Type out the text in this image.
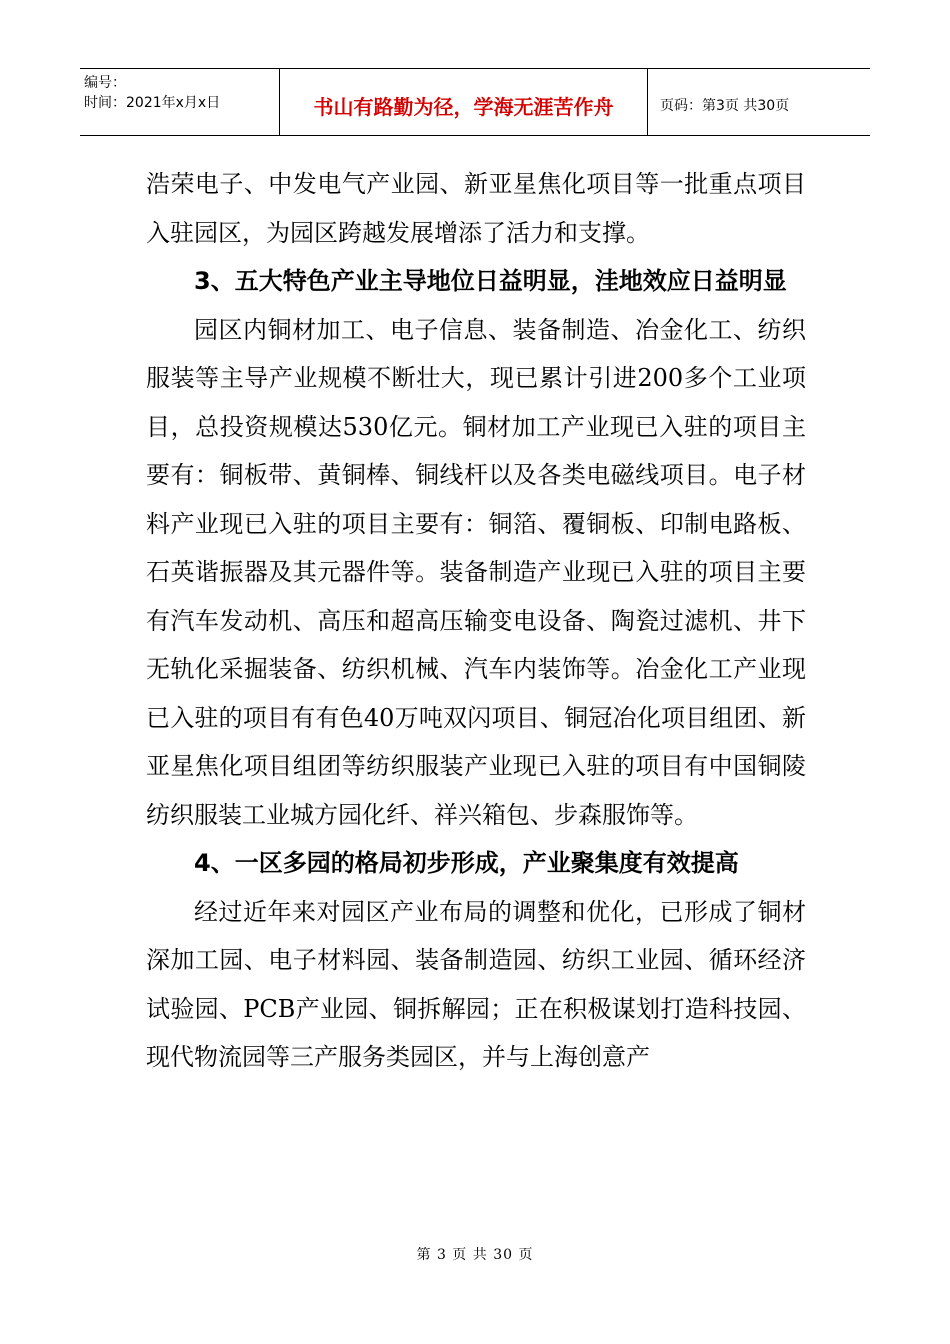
编号：
时间：2021年x月x日	书山有路勤为径，学海无涯苦作舟	页码：第3页 共30页

浩荣电子、中发电气产业园、新亚星焦化项目等一批重点项目入驻园区，为园区跨越发展增添了活力和支撑。

3、五大特色产业主导地位日益明显，洼地效应日益明显

园区内铜材加工、电子信息、装备制造、冶金化工、纺织服装等主导产业规模不断壮大，现已累计引进200多个工业项目，总投资规模达530亿元。铜材加工产业现已入驻的项目主要有：铜板带、黄铜棒、铜线杆以及各类电磁线项目。电子材料产业现已入驻的项目主要有：铜箔、覆铜板、印制电路板、石英谐振器及其元器件等。装备制造产业现已入驻的项目主要有汽车发动机、高压和超高压输变电设备、陶瓷过滤机、井下无轨化采掘装备、纺织机械、汽车内装饰等。冶金化工产业现已入驻的项目有有色40万吨双闪项目、铜冠冶化项目组团、新亚星焦化项目组团等纺织服装产业现已入驻的项目有中国铜陵纺织服装工业城方园化纤、祥兴箱包、步森服饰等。

4、一区多园的格局初步形成，产业聚集度有效提高

经过近年来对园区产业布局的调整和优化，已形成了铜材深加工园、电子材料园、装备制造园、纺织工业园、循环经济试验园、PCB产业园、铜拆解园；正在积极谋划打造科技园、现代物流园等三产服务类园区，并与上海创意产

第 3 页 共 30 页
